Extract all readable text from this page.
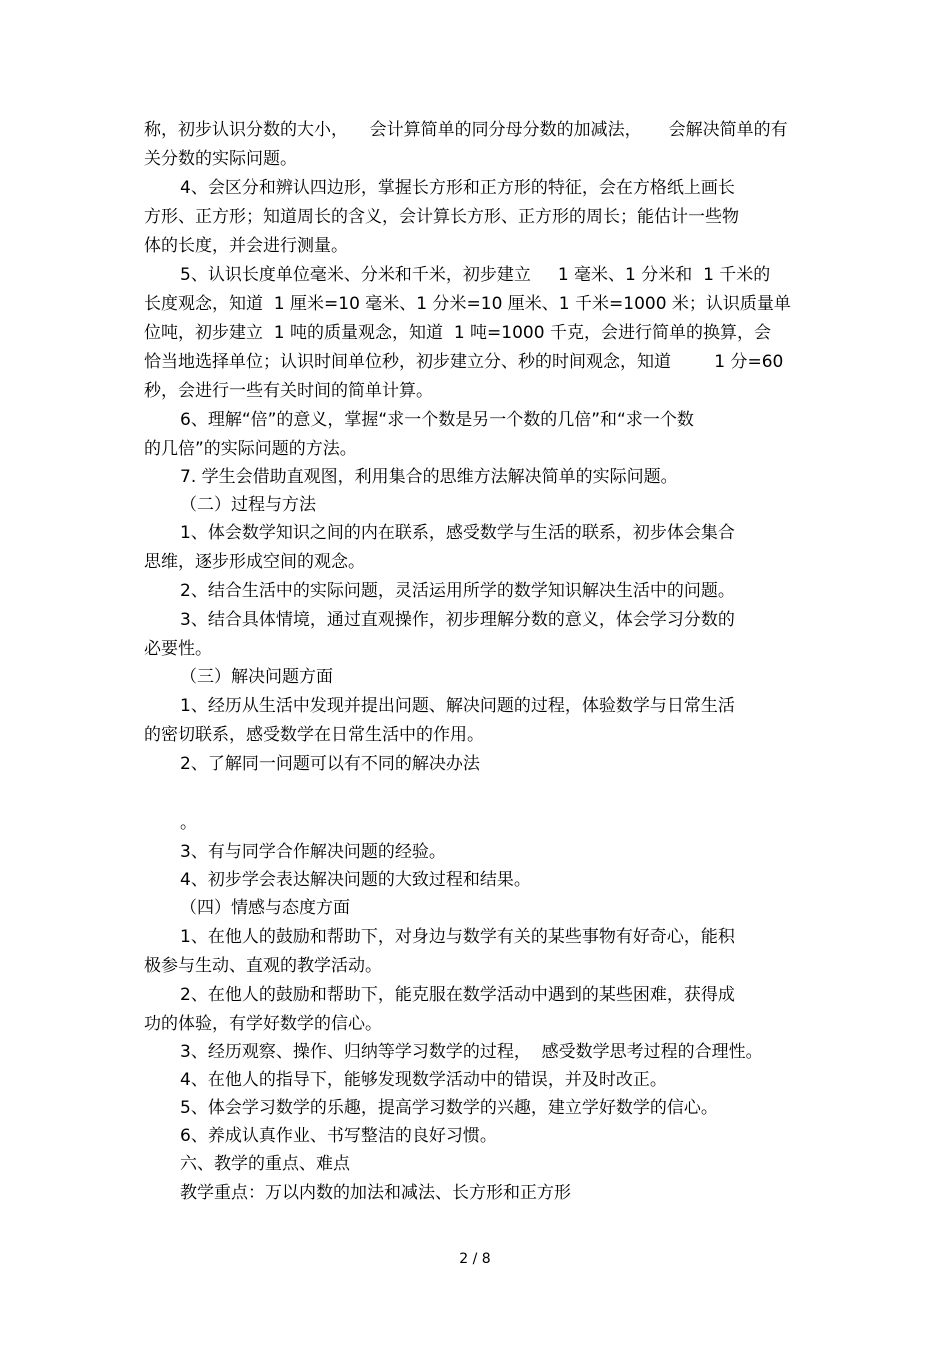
称，初步认识分数的大小，    会计算简单的同分母分数的加减法，     会解决简单的有
关分数的实际问题。
4、会区分和辨认四边形，掌握长方形和正方形的特征，会在方格纸上画长
方形、正方形；知道周长的含义，会计算长方形、正方形的周长；能估计一些物
体的长度，并会进行测量。
5、认识长度单位毫米、分米和千米，初步建立     1 毫米、1 分米和  1 千米的
长度观念，知道  1 厘米=10 毫米、1 分米=10 厘米、1 千米=1000 米；认识质量单
位吨，初步建立  1 吨的质量观念，知道  1 吨=1000 千克，会进行简单的换算，会
恰当地选择单位；认识时间单位秒，初步建立分、秒的时间观念，知道        1 分=60
秒，会进行一些有关时间的简单计算。
6、理解“倍”的意义，掌握“求一个数是另一个数的几倍”和“求一个数
的几倍”的实际问题的方法。
7. 学生会借助直观图，利用集合的思维方法解决简单的实际问题。
（二）过程与方法
1、体会数学知识之间的内在联系，感受数学与生活的联系，初步体会集合
思维，逐步形成空间的观念。
2、结合生活中的实际问题，灵活运用所学的数学知识解决生活中的问题。
3、结合具体情境，通过直观操作，初步理解分数的意义，体会学习分数的
必要性。
（三）解决问题方面
1、经历从生活中发现并提出问题、解决问题的过程，体验数学与日常生活
的密切联系，感受数学在日常生活中的作用。
2、了解同一问题可以有不同的解决办法
。
3、有与同学合作解决问题的经验。
4、初步学会表达解决问题的大致过程和结果。
（四）情感与态度方面
1、在他人的鼓励和帮助下，对身边与数学有关的某些事物有好奇心，能积
极参与生动、直观的教学活动。
2、在他人的鼓励和帮助下，能克服在数学活动中遇到的某些困难，获得成
功的体验，有学好数学的信心。
3、经历观察、操作、归纳等学习数学的过程，  感受数学思考过程的合理性。
4、在他人的指导下，能够发现数学活动中的错误，并及时改正。
5、体会学习数学的乐趣，提高学习数学的兴趣，建立学好数学的信心。
6、养成认真作业、书写整洁的良好习惯。
六、教学的重点、难点
教学重点：万以内数的加法和减法、长方形和正方形
2 / 8
